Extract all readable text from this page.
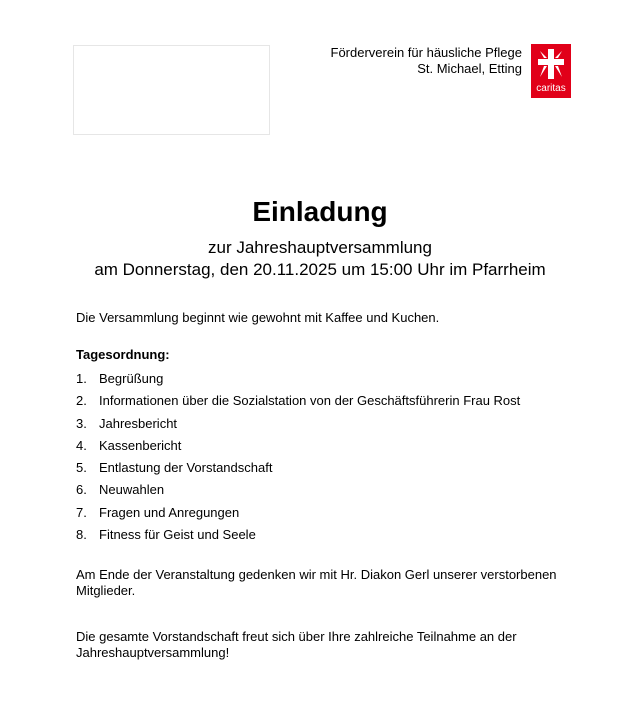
Förderverein für häusliche Pflege
St. Michael, Etting
caritas
Einladung
zur Jahreshauptversammlung
am Donnerstag, den 20.11.2025 um 15:00 Uhr im Pfarrheim
Die Versammlung beginnt wie gewohnt mit Kaffee und Kuchen.
Tagesordnung:
1. Begrüßung
2. Informationen über die Sozialstation von der Geschäftsführerin Frau Rost
3. Jahresbericht
4. Kassenbericht
5. Entlastung der Vorstandschaft
6. Neuwahlen
7. Fragen und Anregungen
8. Fitness für Geist und Seele
Am Ende der Veranstaltung gedenken wir mit Hr. Diakon Gerl unserer verstorbenen Mitglieder.
Die gesamte Vorstandschaft freut sich über Ihre zahlreiche Teilnahme an der Jahreshauptversammlung!
